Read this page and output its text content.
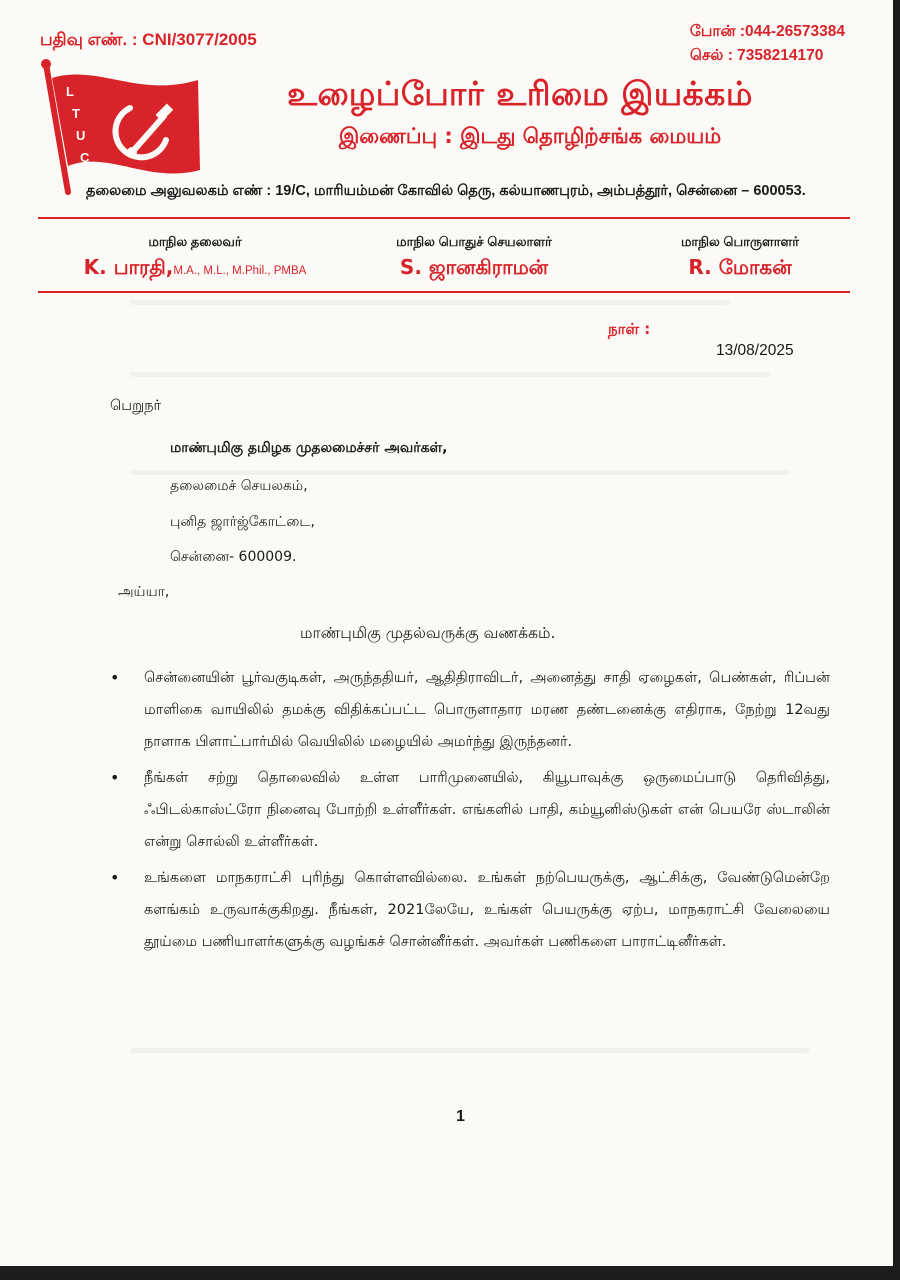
பதிவு எண். : CNI/3077/2005	போன் :044-26573384
செல் : 7358214170
L
T
U
C
உழைப்போர் உரிமை இயக்கம்
இணைப்பு : இடது தொழிற்சங்க மையம்
தலைமை அலுவலகம் எண் : 19/C, மாரியம்மன் கோவில் தெரு, கல்யாணபுரம், அம்பத்தூர், சென்னை – 600053.
மாநில தலைவர்
K. பாரதி,M.A., M.L., M.Phil., PMBA
மாநில பொதுச் செயலாளர்
S. ஜானகிராமன்
மாநில பொருளாளர்
R. மோகன்
நாள் :
13/08/2025
பெறுநர்
மாண்புமிகு தமிழக முதலமைச்சர் அவர்கள்,
தலைமைச் செயலகம்,
புனித ஜார்ஜ்கோட்டை,
சென்னை- 600009.
அய்யா,
மாண்புமிகு முதல்வருக்கு வணக்கம்.
• சென்னையின் பூர்வகுடிகள், அருந்ததியர், ஆதிதிராவிடர், அனைத்து சாதி ஏழைகள், பெண்கள், ரிப்பன் மாளிகை வாயிலில் தமக்கு விதிக்கப்பட்ட பொருளாதார மரண தண்டனைக்கு எதிராக, நேற்று 12வது நாளாக பிளாட்பார்மில் வெயிலில் மழையில் அமர்ந்து இருந்தனர்.
• நீங்கள் சற்று தொலைவில் உள்ள பாரிமுனையில், கியூபாவுக்கு ஒருமைப்பாடு தெரிவித்து, ஃபிடல்காஸ்ட்ரோ நினைவு போற்றி உள்ளீர்கள். எங்களில் பாதி, கம்யூனிஸ்டுகள் என் பெயரே ஸ்டாலின் என்று சொல்லி உள்ளீர்கள்.
• உங்களை மாநகராட்சி புரிந்து கொள்ளவில்லை. உங்கள் நற்பெயருக்கு, ஆட்சிக்கு, வேண்டுமென்றே களங்கம் உருவாக்குகிறது. நீங்கள், 2021லேயே, உங்கள் பெயருக்கு ஏற்ப, மாநகராட்சி வேலையை தூய்மை பணியாளர்களுக்கு வழங்கச் சொன்னீர்கள். அவர்கள் பணிகளை பாராட்டினீர்கள்.
1
